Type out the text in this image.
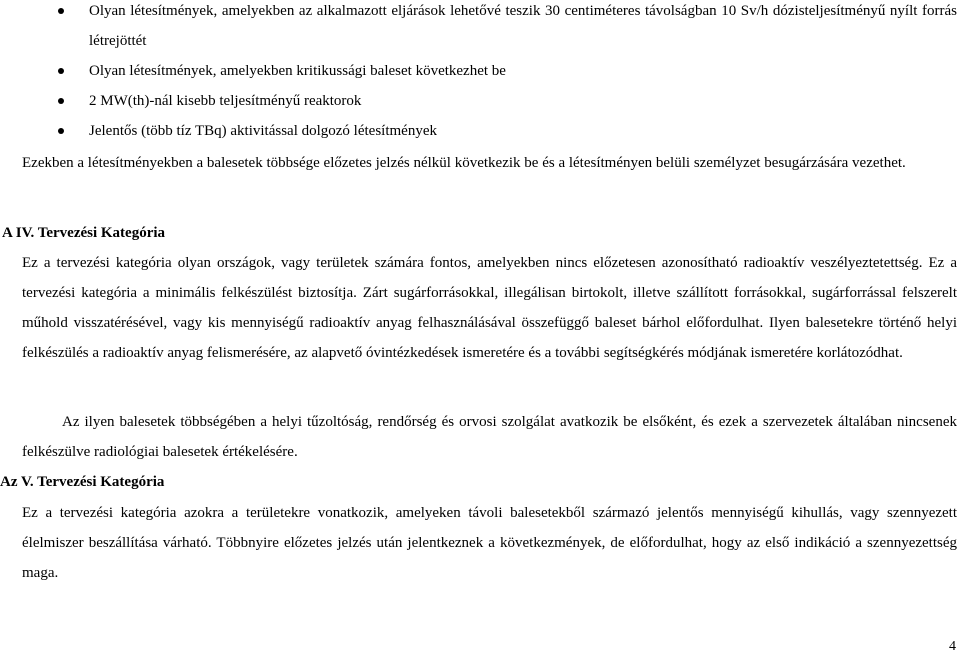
Olyan létesítmények, amelyekben az alkalmazott eljárások lehetővé teszik 30 centiméteres távolságban 10 Sv/h dózisteljesítményű nyílt forrás létrejöttét
Olyan létesítmények, amelyekben kritikussági baleset következhet be
2 MW(th)-nál kisebb teljesítményű reaktorok
Jelentős (több tíz TBq) aktivitással dolgozó létesítmények

Ezekben a létesítményekben a balesetek többsége előzetes jelzés nélkül következik be és a létesítményen belüli személyzet besugárzására vezethet.

A IV. Tervezési Kategória

Ez a tervezési kategória olyan országok, vagy területek számára fontos, amelyekben nincs előzetesen azonosítható radioaktív veszélyeztetettség. Ez a tervezési kategória a minimális felkészülést biztosítja. Zárt sugárforrásokkal, illegálisan birtokolt, illetve szállított forrásokkal, sugárforrással felszerelt műhold visszatérésével, vagy kis mennyiségű radioaktív anyag felhasználásával összefüggő baleset bárhol előfordulhat. Ilyen balesetekre történő helyi felkészülés a radioaktív anyag felismerésére, az alapvető óvintézkedések ismeretére és a további segítségkérés módjának ismeretére korlátozódhat.

Az ilyen balesetek többségében a helyi tűzoltóság, rendőrség és orvosi szolgálat avatkozik be elsőként, és ezek a szervezetek általában nincsenek felkészülve radiológiai balesetek értékelésére.

Az V. Tervezési Kategória

Ez a tervezési kategória azokra a területekre vonatkozik, amelyeken távoli balesetekből származó jelentős mennyiségű kihullás, vagy szennyezett élelmiszer beszállítása várható. Többnyire előzetes jelzés után jelentkeznek a következmények, de előfordulhat, hogy az első indikáció a szennyezettség maga.

4
